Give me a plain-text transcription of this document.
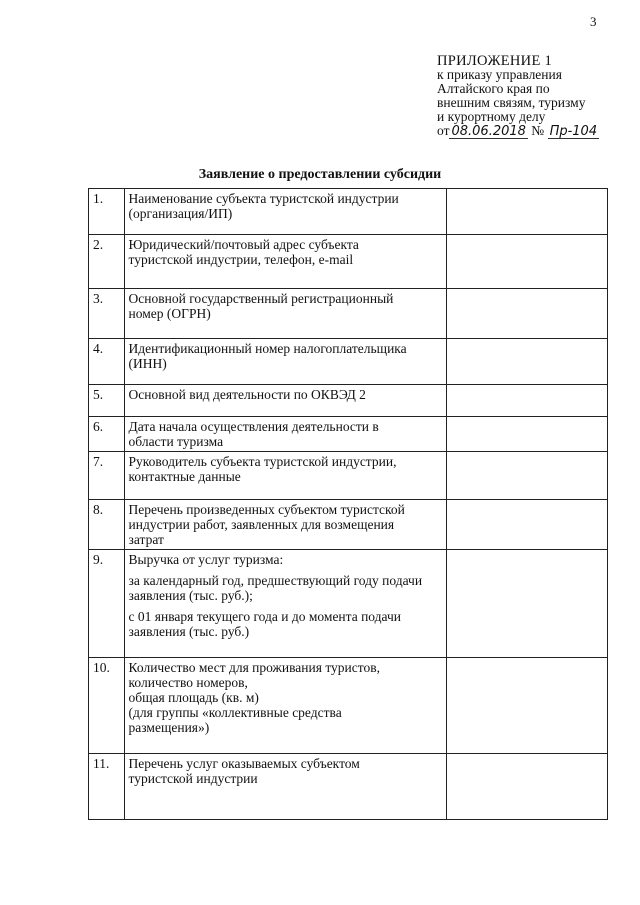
3
ПРИЛОЖЕНИЕ 1
к приказу управления
Алтайского края по
внешним связям, туризму
и курортному делу
от 08.06.2018 № Пр-104
Заявление о предоставлении субсидии
1.	Наименование субъекта туристской индустрии
(организация/ИП)	

2.	Юридический/почтовый адрес субъекта
туристской индустрии, телефон, e-mail	

3.	Основной государственный регистрационный
номер (ОГРН)	

4.	Идентификационный номер налогоплательщика
(ИНН)	

5.	Основной вид деятельности по ОКВЭД 2	

6.	Дата начала осуществления деятельности в
области туризма	

7.	Руководитель субъекта туристской индустрии,
контактные данные	

8.	Перечень произведенных субъектом туристской
индустрии работ, заявленных для возмещения
затрат	

9.	Выручка от услуг туризма:
за календарный год, предшествующий году подачи
заявления (тыс. руб.);
с 01 января текущего года и до момента подачи
заявления (тыс. руб.)	

10.	Количество мест для проживания туристов,
количество номеров,
общая площадь (кв. м)
(для группы «коллективные средства
размещения»)	

11.	Перечень услуг оказываемых субъектом
туристской индустрии	
